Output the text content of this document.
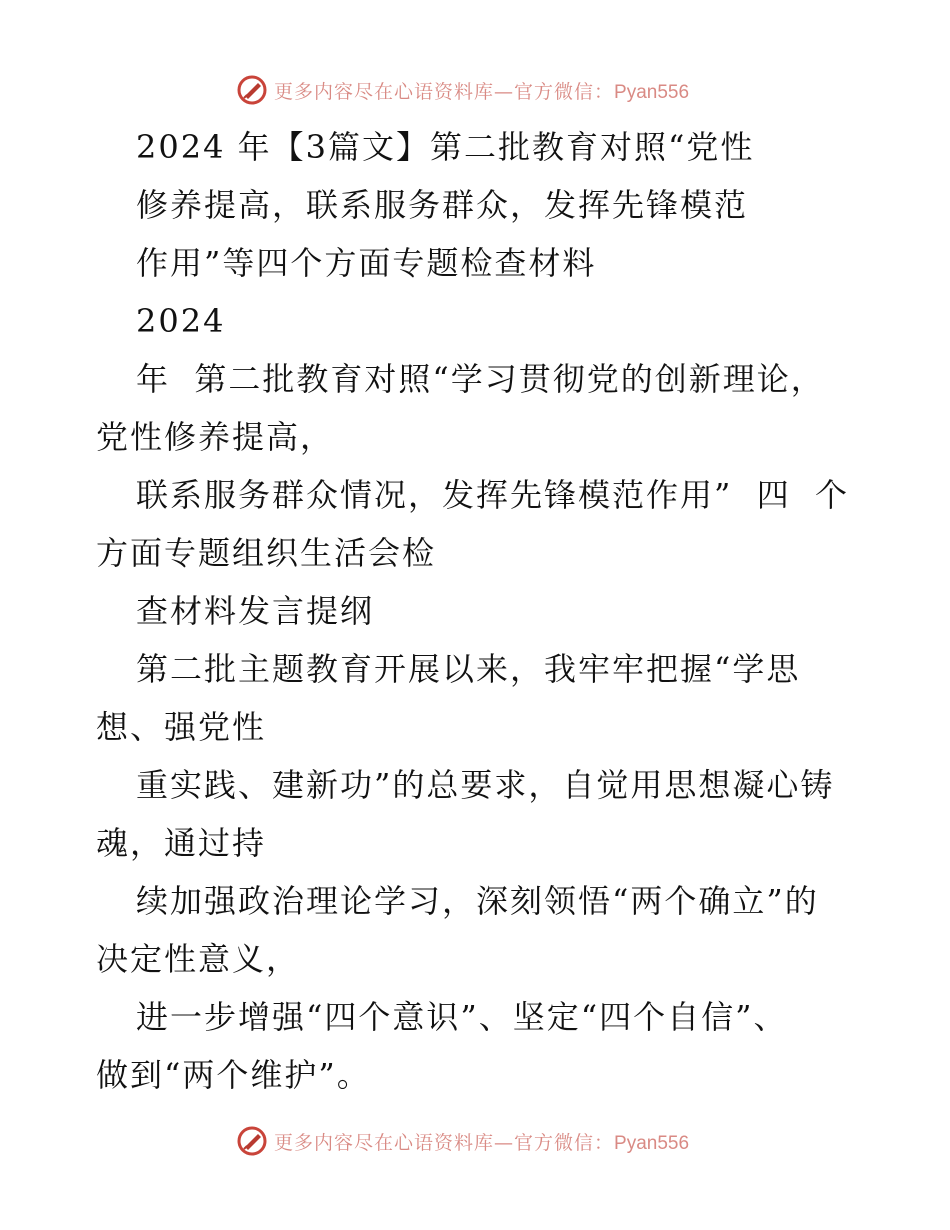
更多内容尽在心语资料库—官方微信：Pyan556
2024 年【3篇文】第二批教育对照“党性
修养提高，联系服务群众，发挥先锋模范
作用”等四个方面专题检查材料
2024
年  第二批教育对照“学习贯彻党的创新理论，
党性修养提高，
联系服务群众情况，发挥先锋模范作用”  四  个
方面专题组织生活会检
查材料发言提纲
第二批主题教育开展以来，我牢牢把握“学思
想、强党性
重实践、建新功”的总要求，自觉用思想凝心铸
魂，通过持
续加强政治理论学习，深刻领悟“两个确立”的
决定性意义，
进一步增强“四个意识”、坚定“四个自信”、
做到“两个维护”。
更多内容尽在心语资料库—官方微信：Pyan556
